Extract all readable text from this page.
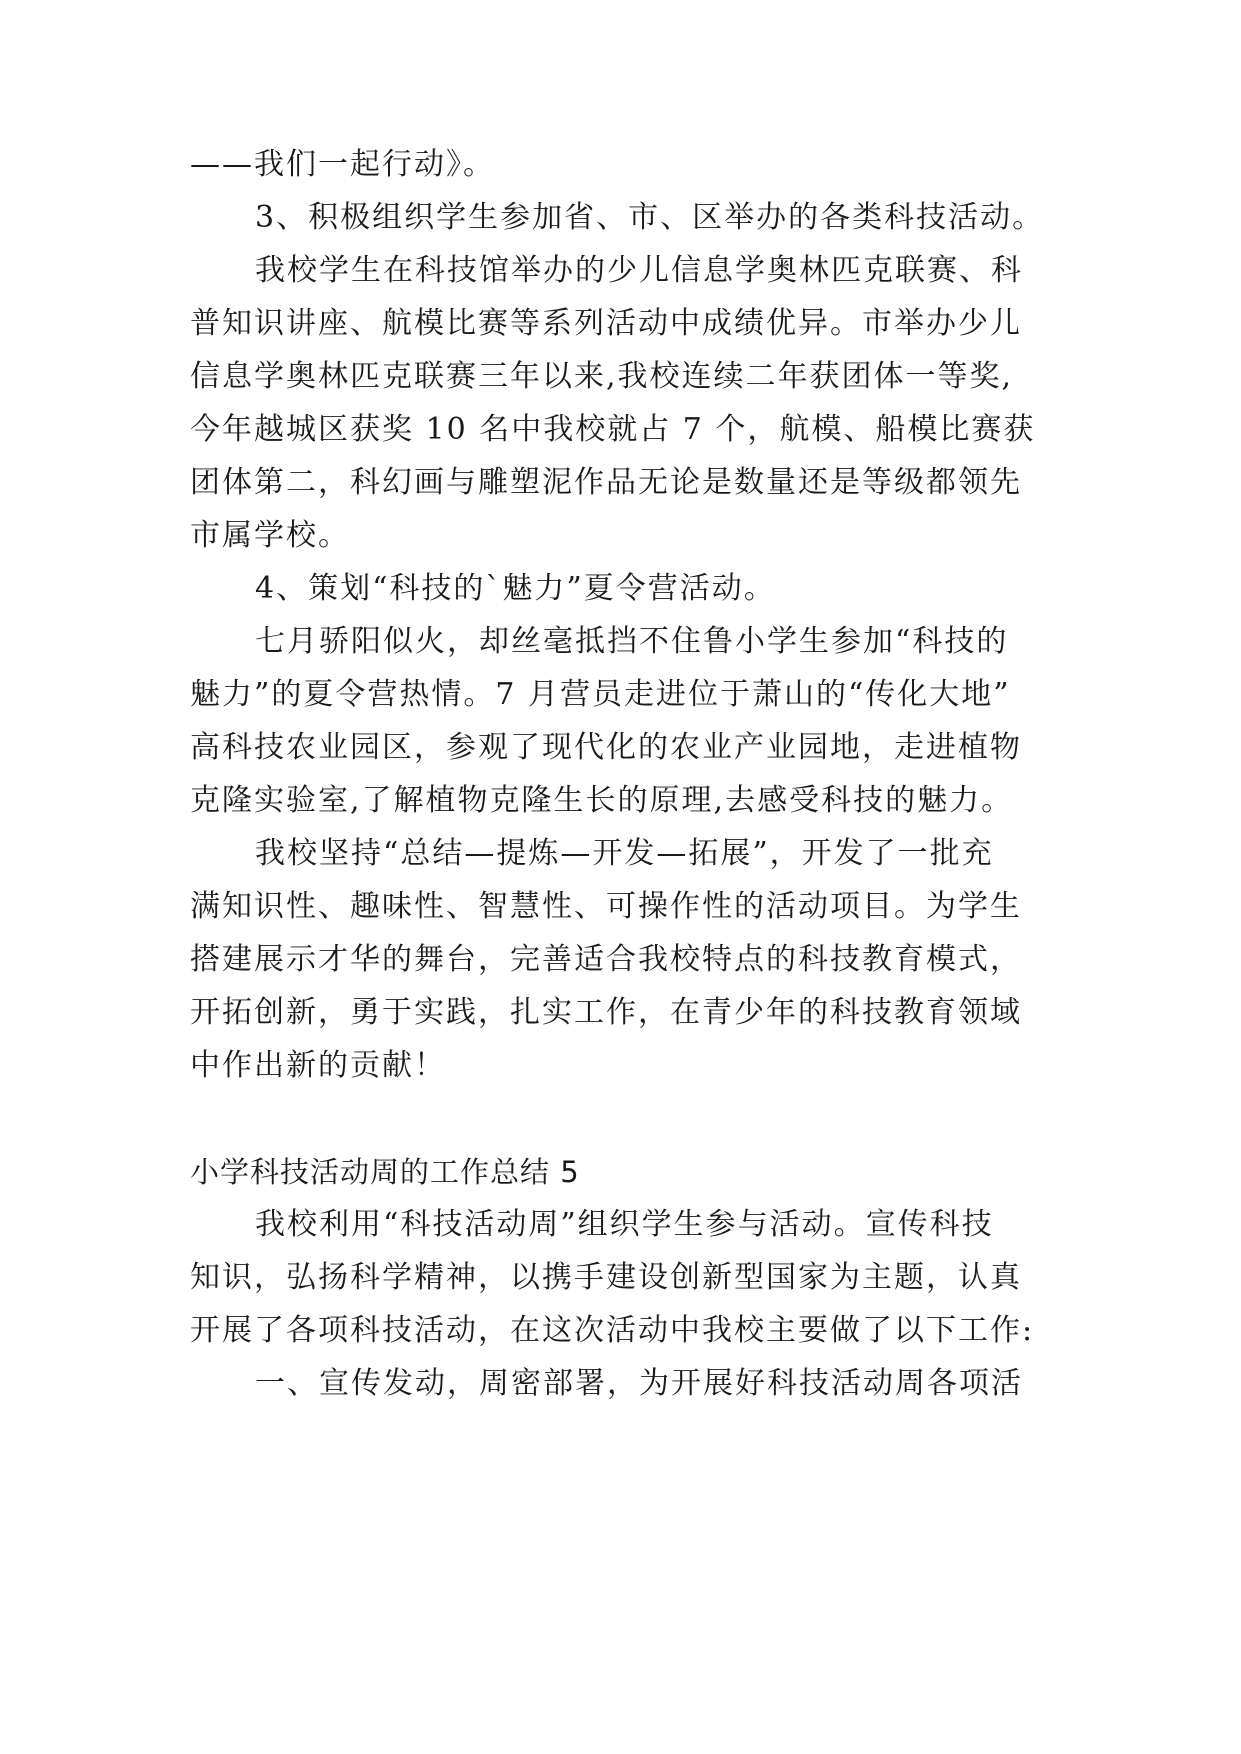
——我们一起行动》。
3、积极组织学生参加省、市、区举办的各类科技活动。
我校学生在科技馆举办的少儿信息学奥林匹克联赛、科
普知识讲座、航模比赛等系列活动中成绩优异。市举办少儿
信息学奥林匹克联赛三年以来,我校连续二年获团体一等奖,
今年越城区获奖 10 名中我校就占 7 个，航模、船模比赛获
团体第二，科幻画与雕塑泥作品无论是数量还是等级都领先
市属学校。
4、策划“科技的`魅力”夏令营活动。
七月骄阳似火，却丝毫抵挡不住鲁小学生参加“科技的
魅力”的夏令营热情。7 月营员走进位于萧山的“传化大地”
高科技农业园区，参观了现代化的农业产业园地，走进植物
克隆实验室,了解植物克隆生长的原理,去感受科技的魅力。
我校坚持“总结—提炼—开发—拓展”，开发了一批充
满知识性、趣味性、智慧性、可操作性的活动项目。为学生
搭建展示才华的舞台，完善适合我校特点的科技教育模式，
开拓创新，勇于实践，扎实工作，在青少年的科技教育领域
中作出新的贡献！
小学科技活动周的工作总结 5
我校利用“科技活动周”组织学生参与活动。宣传科技
知识，弘扬科学精神，以携手建设创新型国家为主题，认真
开展了各项科技活动，在这次活动中我校主要做了以下工作:
一、宣传发动，周密部署，为开展好科技活动周各项活
